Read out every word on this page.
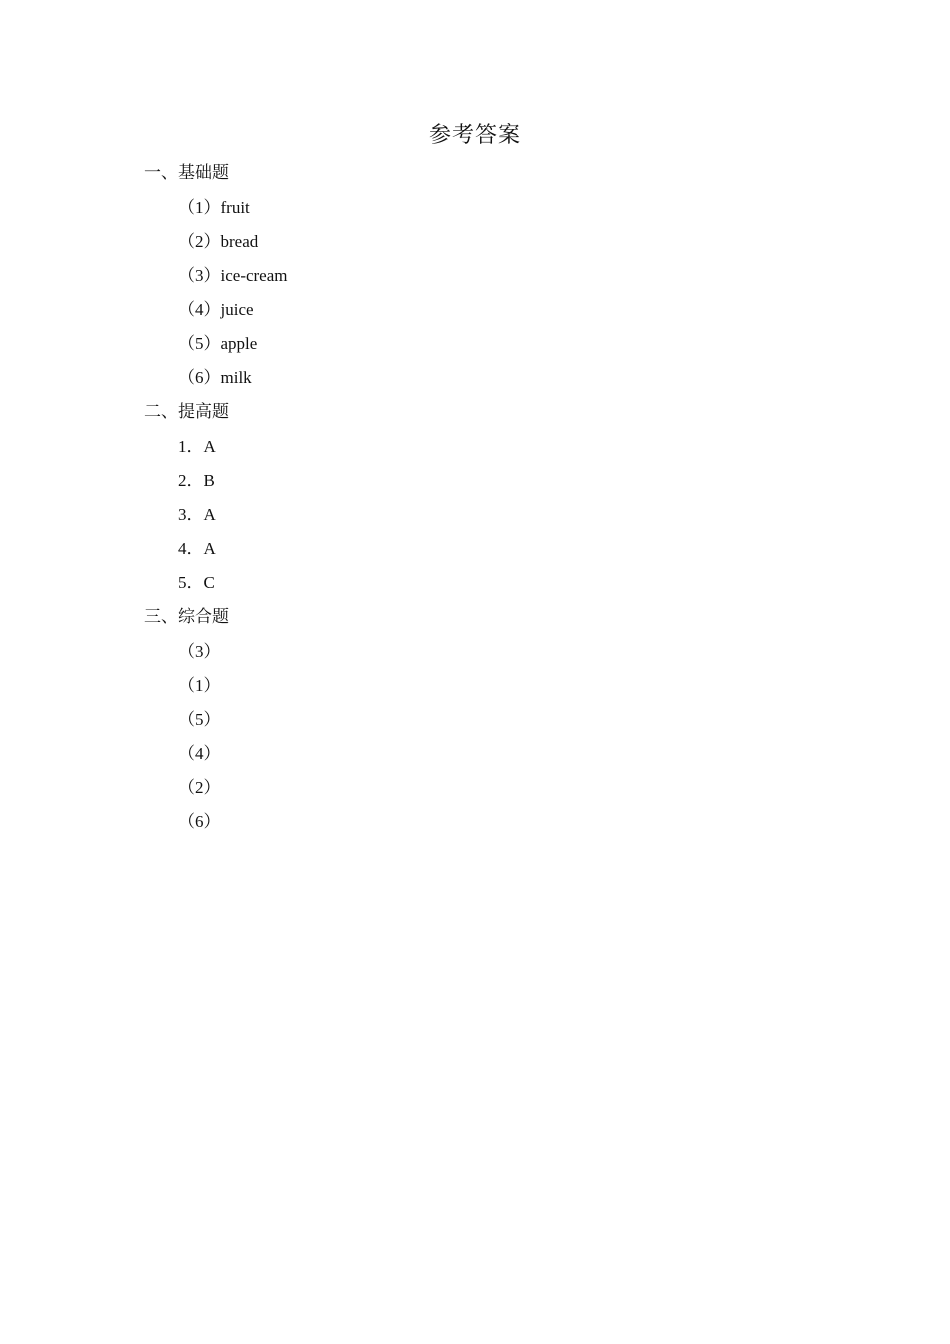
参考答案
一、基础题
（1）fruit
（2）bread
（3）ice-cream
（4）juice
（5）apple
（6）milk
二、提高题
1．A
2．B
3．A
4．A
5．C
三、综合题
（3）
（1）
（5）
（4）
（2）
（6）
